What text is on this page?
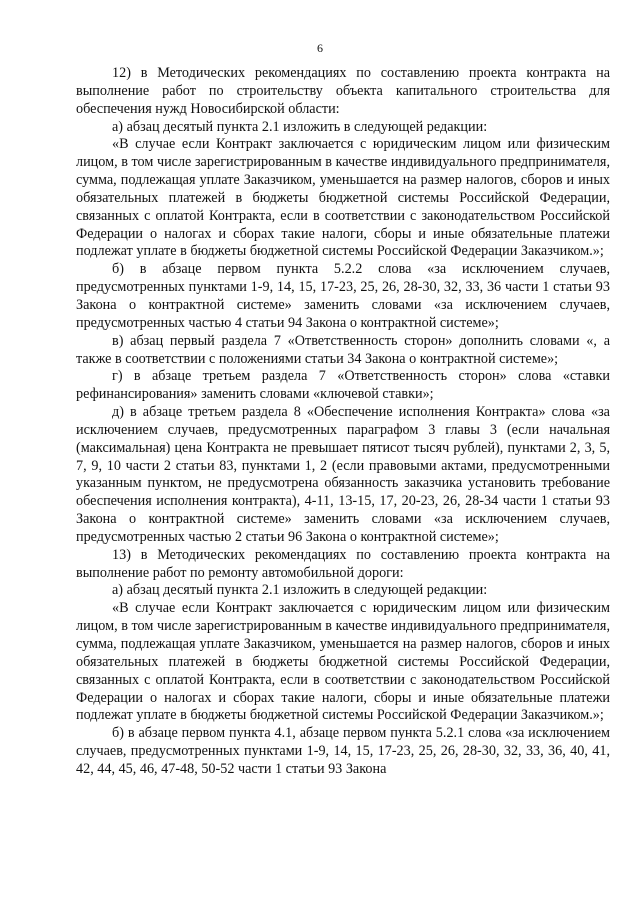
6

12) в Методических рекомендациях по составлению проекта контракта на выполнение работ по строительству объекта капитального строительства для обеспечения нужд Новосибирской области:

а) абзац десятый пункта 2.1 изложить в следующей редакции:

«В случае если Контракт заключается с юридическим лицом или физическим лицом, в том числе зарегистрированным в качестве индивидуального предпринимателя, сумма, подлежащая уплате Заказчиком, уменьшается на размер налогов, сборов и иных обязательных платежей в бюджеты бюджетной системы Российской Федерации, связанных с оплатой Контракта, если в соответствии с законодательством Российской Федерации о налогах и сборах такие налоги, сборы и иные обязательные платежи подлежат уплате в бюджеты бюджетной системы Российской Федерации Заказчиком.»;

б) в абзаце первом пункта 5.2.2 слова «за исключением случаев, предусмотренных пунктами 1-9, 14, 15, 17-23, 25, 26, 28-30, 32, 33, 36 части 1 статьи 93 Закона о контрактной системе» заменить словами «за исключением случаев, предусмотренных частью 4 статьи 94 Закона о контрактной системе»;

в) абзац первый раздела 7 «Ответственность сторон» дополнить словами «, а также в соответствии с положениями статьи 34 Закона о контрактной системе»;

г) в абзаце третьем раздела 7 «Ответственность сторон» слова «ставки рефинансирования» заменить словами «ключевой ставки»;

д) в абзаце третьем раздела 8 «Обеспечение исполнения Контракта» слова «за исключением случаев, предусмотренных параграфом 3 главы 3 (если начальная (максимальная) цена Контракта не превышает пятисот тысяч рублей), пунктами 2, 3, 5, 7, 9, 10 части 2 статьи 83, пунктами 1, 2 (если правовыми актами, предусмотренными указанным пунктом, не предусмотрена обязанность заказчика установить требование обеспечения исполнения контракта), 4-11, 13-15, 17, 20-23, 26, 28-34 части 1 статьи 93 Закона о контрактной системе» заменить словами «за исключением случаев, предусмотренных частью 2 статьи 96 Закона о контрактной системе»;

13) в Методических рекомендациях по составлению проекта контракта на выполнение работ по ремонту автомобильной дороги:

а) абзац десятый пункта 2.1 изложить в следующей редакции:

«В случае если Контракт заключается с юридическим лицом или физическим лицом, в том числе зарегистрированным в качестве индивидуального предпринимателя, сумма, подлежащая уплате Заказчиком, уменьшается на размер налогов, сборов и иных обязательных платежей в бюджеты бюджетной системы Российской Федерации, связанных с оплатой Контракта, если в соответствии с законодательством Российской Федерации о налогах и сборах такие налоги, сборы и иные обязательные платежи подлежат уплате в бюджеты бюджетной системы Российской Федерации Заказчиком.»;

б) в абзаце первом пункта 4.1, абзаце первом пункта 5.2.1 слова «за исключением случаев, предусмотренных пунктами 1-9, 14, 15, 17-23, 25, 26, 28-30, 32, 33, 36, 40, 41, 42, 44, 45, 46, 47-48, 50-52 части 1 статьи 93 Закона
